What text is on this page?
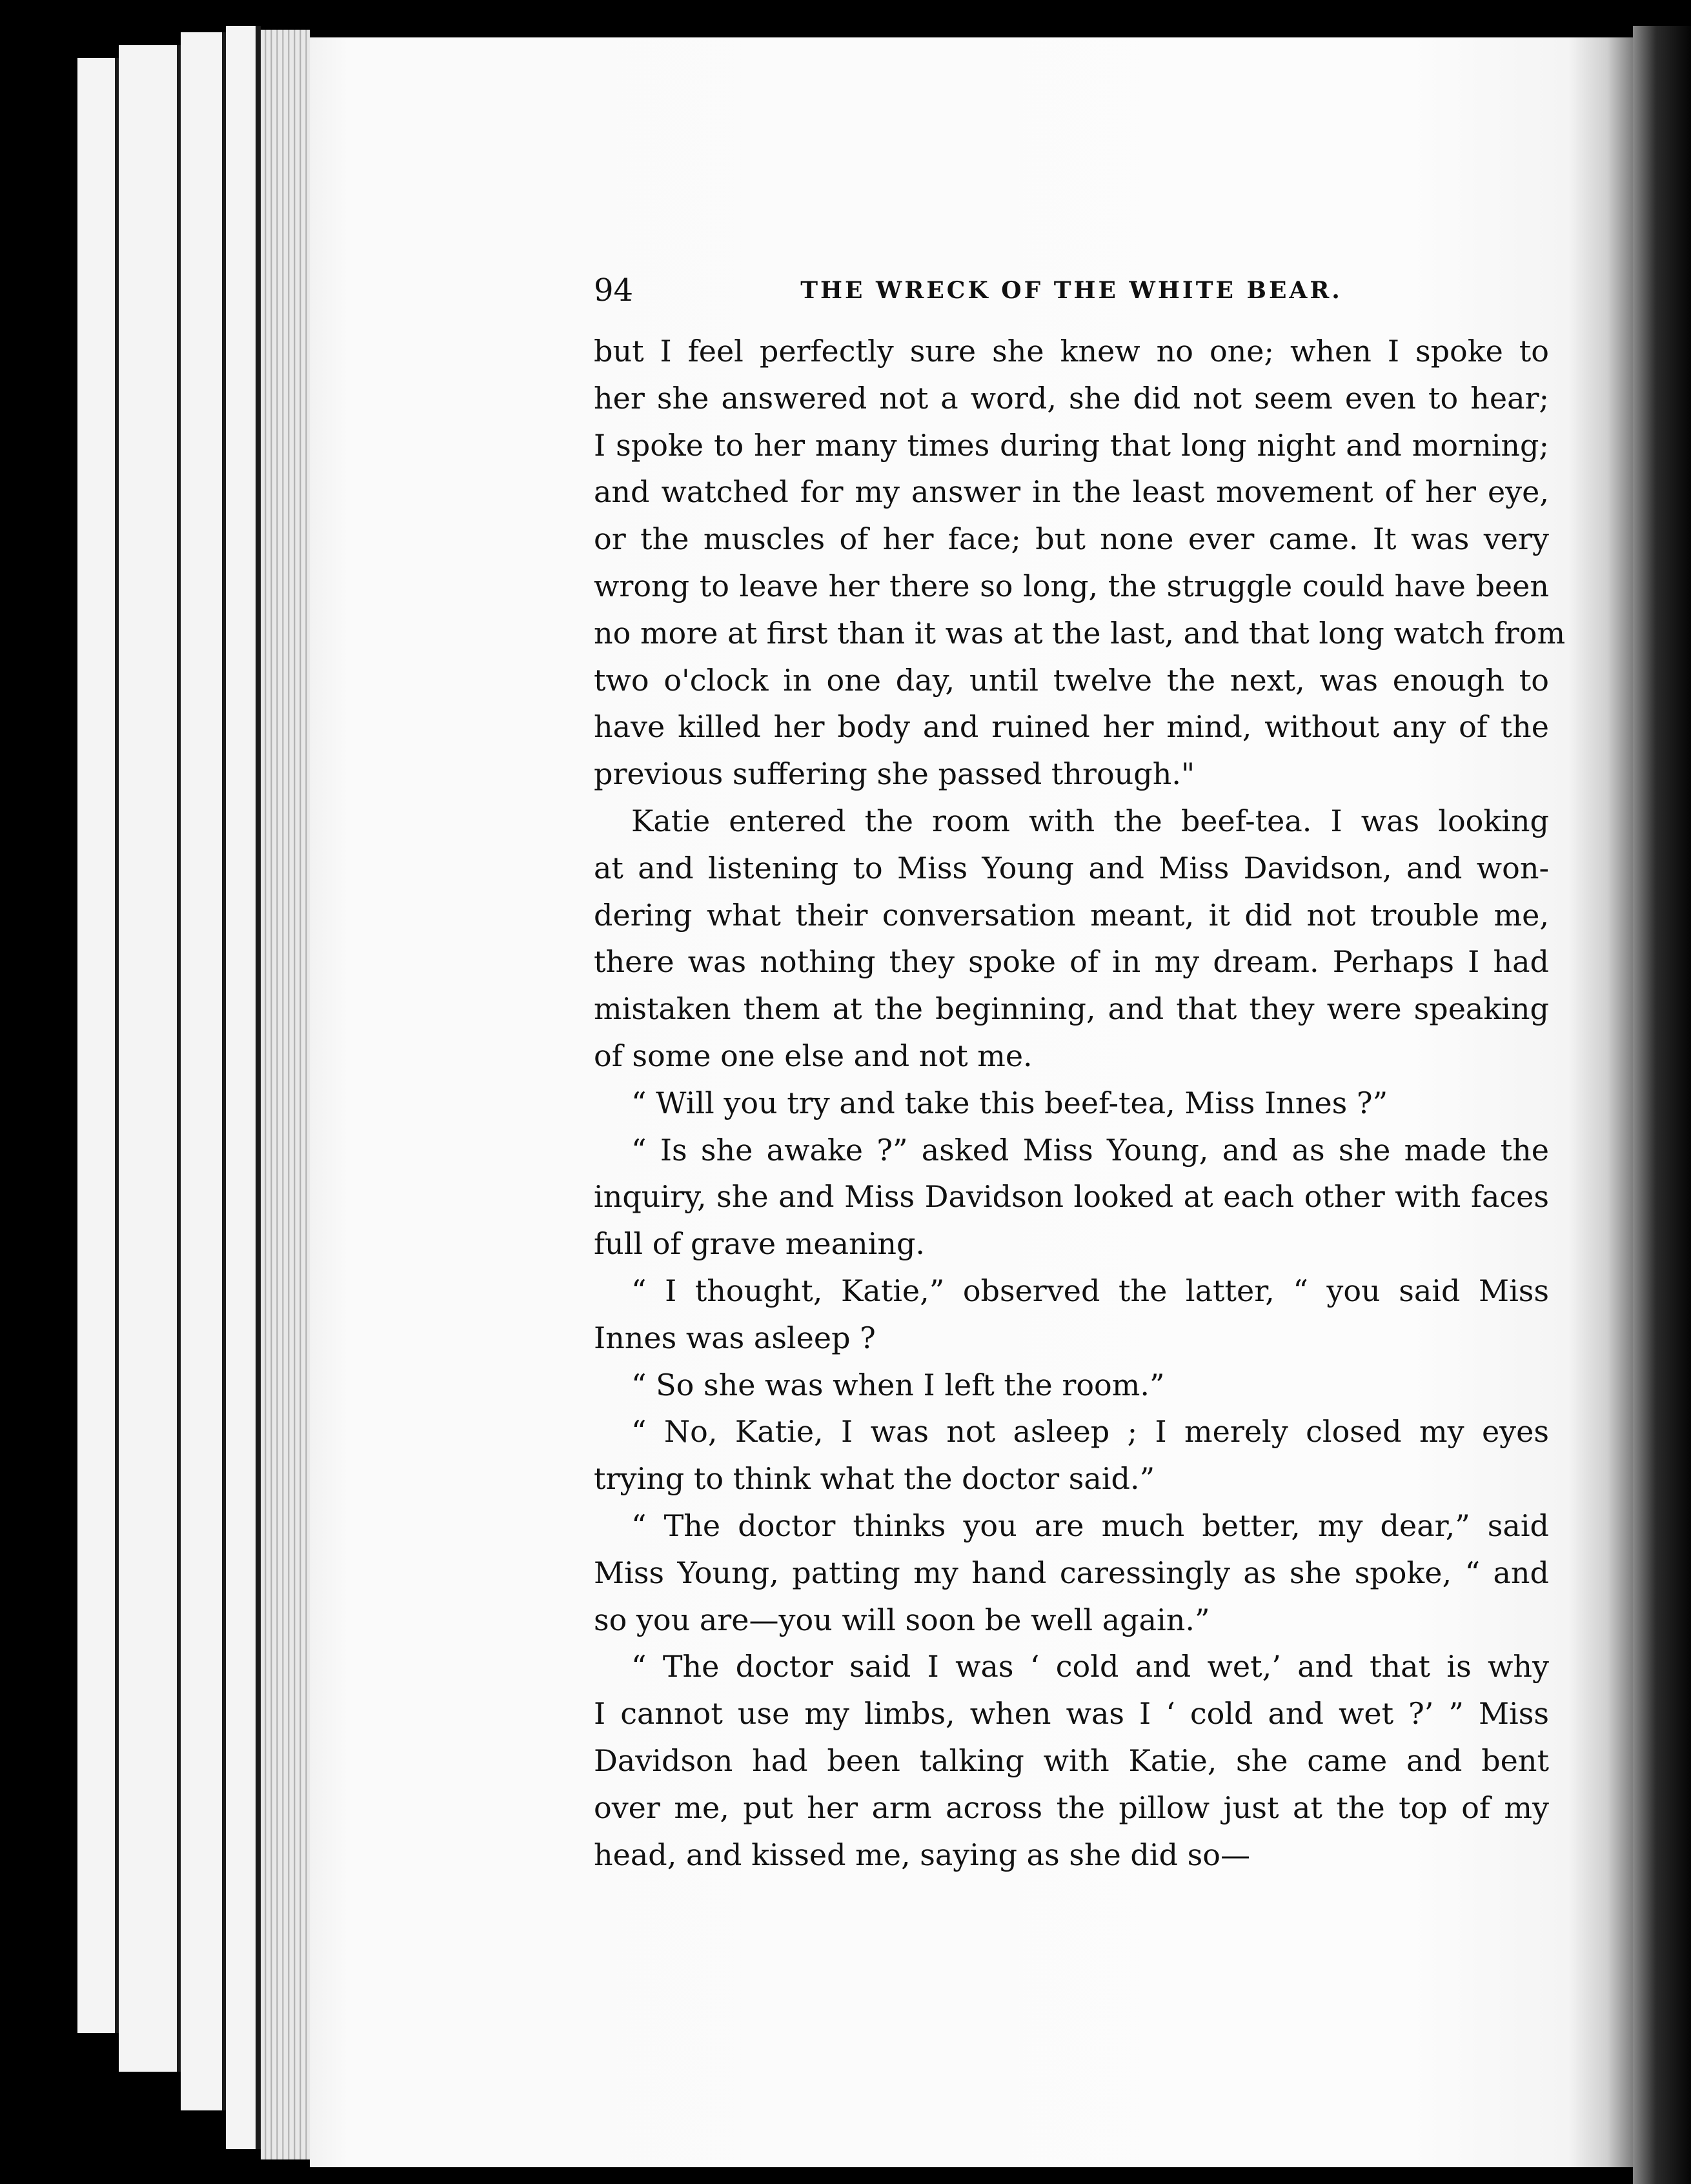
94	THE WRECK OF THE WHITE BEAR.
but I feel perfectly sure she knew no one; when I spoke to
her she answered not a word, she did not seem even to hear;
I spoke to her many times during that long night and morning;
and watched for my answer in the least movement of her eye,
or the muscles of her face; but none ever came. It was very
wrong to leave her there so long, the struggle could have been
no more at first than it was at the last, and that long watch from
two o'clock in one day, until twelve the next, was enough to
have killed her body and ruined her mind, without any of the
previous suffering she passed through."
Katie entered the room with the beef-tea. I was looking
at and listening to Miss Young and Miss Davidson, and won-
dering what their conversation meant, it did not trouble me,
there was nothing they spoke of in my dream. Perhaps I had
mistaken them at the beginning, and that they were speaking
of some one else and not me.
“ Will you try and take this beef-tea, Miss Innes ?”
“ Is she awake ?” asked Miss Young, and as she made the
inquiry, she and Miss Davidson looked at each other with faces
full of grave meaning.
“ I thought, Katie,” observed the latter, “ you said Miss
Innes was asleep ?
“ So she was when I left the room.”
“ No, Katie, I was not asleep ; I merely closed my eyes
trying to think what the doctor said.”
“ The doctor thinks you are much better, my dear,” said
Miss Young, patting my hand caressingly as she spoke, “ and
so you are—you will soon be well again.”
“ The doctor said I was ‘ cold and wet,’ and that is why
I cannot use my limbs, when was I ‘ cold and wet ?’ ” Miss
Davidson had been talking with Katie, she came and bent
over me, put her arm across the pillow just at the top of my
head, and kissed me, saying as she did so—
